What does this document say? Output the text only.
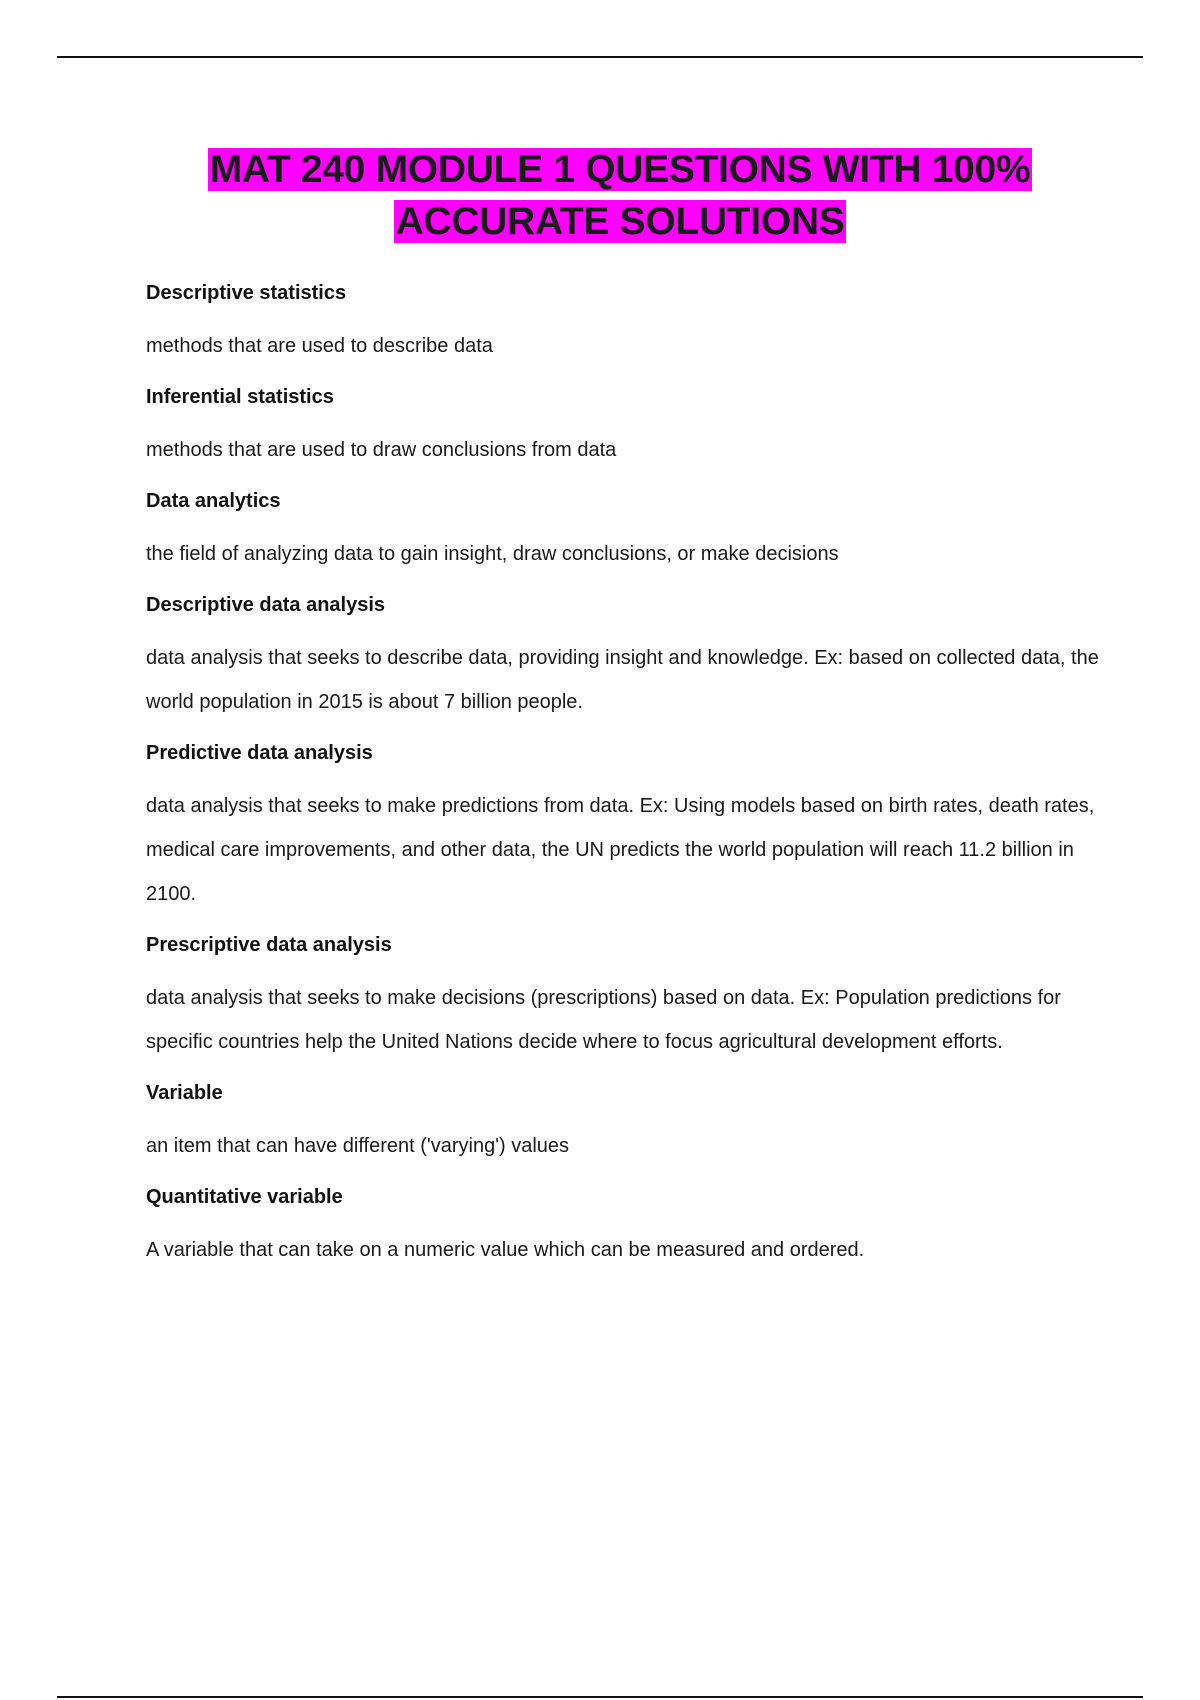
MAT 240 MODULE 1 QUESTIONS WITH 100%
ACCURATE SOLUTIONS

Descriptive statistics

methods that are used to describe data

Inferential statistics

methods that are used to draw conclusions from data

Data analytics

the field of analyzing data to gain insight, draw conclusions, or make decisions

Descriptive data analysis

data analysis that seeks to describe data, providing insight and knowledge. Ex: based on collected data, the world population in 2015 is about 7 billion people.

Predictive data analysis

data analysis that seeks to make predictions from data. Ex: Using models based on birth rates, death rates, medical care improvements, and other data, the UN predicts the world population will reach 11.2 billion in 2100.

Prescriptive data analysis

data analysis that seeks to make decisions (prescriptions) based on data. Ex: Population predictions for specific countries help the United Nations decide where to focus agricultural development efforts.

Variable

an item that can have different ('varying') values

Quantitative variable

A variable that can take on a numeric value which can be measured and ordered.
